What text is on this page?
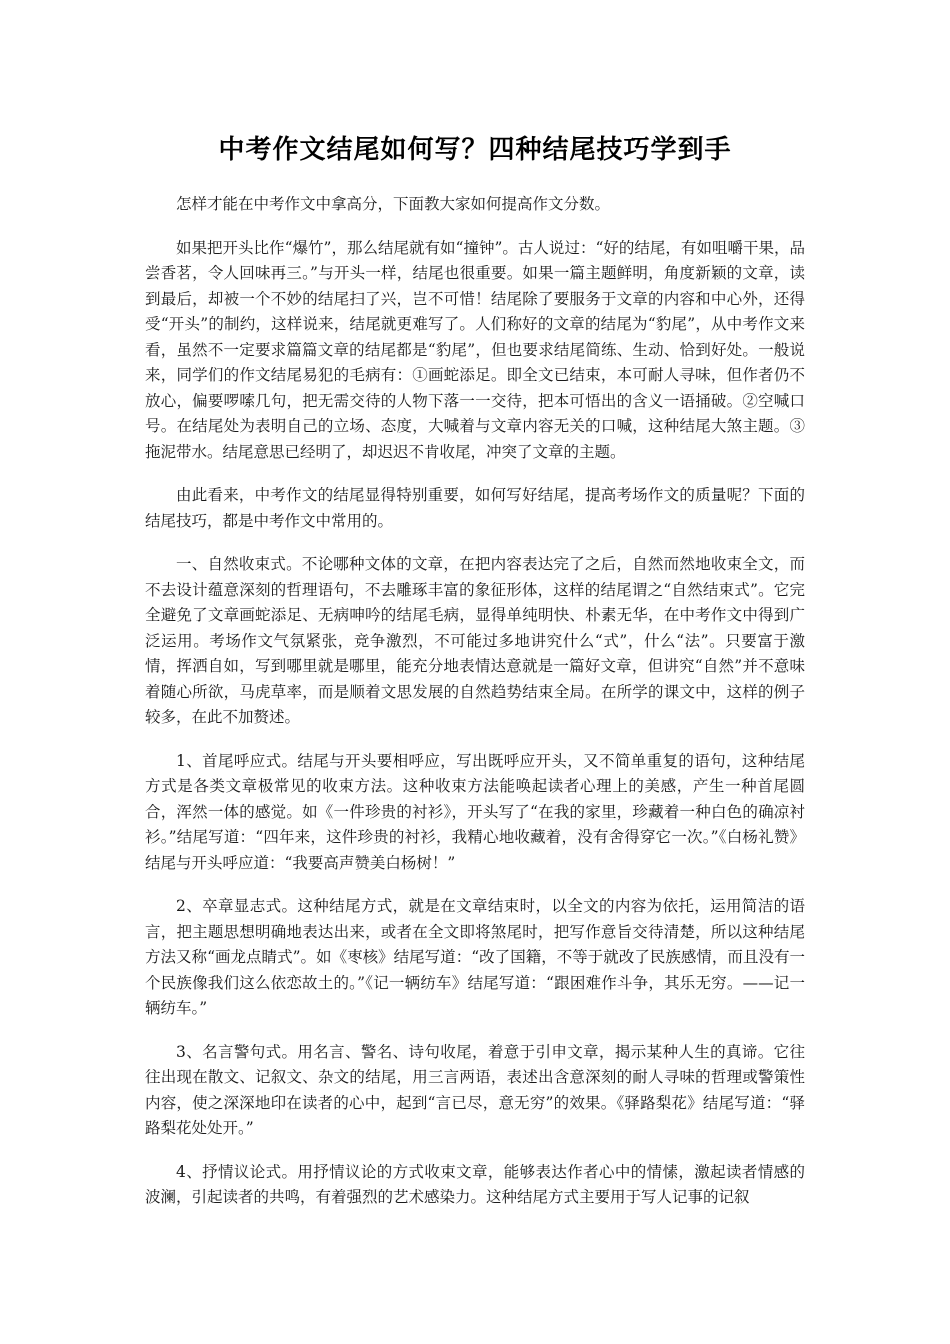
中考作文结尾如何写？四种结尾技巧学到手

怎样才能在中考作文中拿高分，下面教大家如何提高作文分数。

如果把开头比作“爆竹”，那么结尾就有如“撞钟”。古人说过：“好的结尾，有如咀嚼干果，品尝香茗，令人回味再三。”与开头一样，结尾也很重要。如果一篇主题鲜明，角度新颖的文章，读到最后，却被一个不妙的结尾扫了兴，岂不可惜！结尾除了要服务于文章的内容和中心外，还得受“开头”的制约，这样说来，结尾就更难写了。人们称好的文章的结尾为“豹尾”，从中考作文来看，虽然不一定要求篇篇文章的结尾都是“豹尾”，但也要求结尾简练、生动、恰到好处。一般说来，同学们的作文结尾易犯的毛病有：①画蛇添足。即全文已结束，本可耐人寻味，但作者仍不放心，偏要啰嗦几句，把无需交待的人物下落一一交待，把本可悟出的含义一语捅破。②空喊口号。在结尾处为表明自己的立场、态度，大喊着与文章内容无关的口喊，这种结尾大煞主题。③拖泥带水。结尾意思已经明了，却迟迟不肯收尾，冲突了文章的主题。

由此看来，中考作文的结尾显得特别重要，如何写好结尾，提高考场作文的质量呢？下面的结尾技巧，都是中考作文中常用的。

一、自然收束式。不论哪种文体的文章，在把内容表达完了之后，自然而然地收束全文，而不去设计蕴意深刻的哲理语句，不去雕琢丰富的象征形体，这样的结尾谓之“自然结束式”。它完全避免了文章画蛇添足、无病呻吟的结尾毛病，显得单纯明快、朴素无华，在中考作文中得到广泛运用。考场作文气氛紧张，竞争激烈，不可能过多地讲究什么“式”，什么“法”。只要富于激情，挥洒自如，写到哪里就是哪里，能充分地表情达意就是一篇好文章，但讲究“自然”并不意味着随心所欲，马虎草率，而是顺着文思发展的自然趋势结束全局。在所学的课文中，这样的例子较多，在此不加赘述。

1、首尾呼应式。结尾与开头要相呼应，写出既呼应开头，又不简单重复的语句，这种结尾方式是各类文章极常见的收束方法。这种收束方法能唤起读者心理上的美感，产生一种首尾圆合，浑然一体的感觉。如《一件珍贵的衬衫》，开头写了“在我的家里，珍藏着一种白色的确凉衬衫。”结尾写道：“四年来，这件珍贵的衬衫，我精心地收藏着，没有舍得穿它一次。”《白杨礼赞》结尾与开头呼应道：“我要高声赞美白杨树！”

2、卒章显志式。这种结尾方式，就是在文章结束时，以全文的内容为依托，运用简洁的语言，把主题思想明确地表达出来，或者在全文即将煞尾时，把写作意旨交待清楚，所以这种结尾方法又称“画龙点睛式”。如《枣核》结尾写道：“改了国籍，不等于就改了民族感情，而且没有一个民族像我们这么依恋故土的。”《记一辆纺车》结尾写道：“跟困难作斗争，其乐无穷。——记一辆纺车。”

3、名言警句式。用名言、警名、诗句收尾，着意于引申文章，揭示某种人生的真谛。它往往出现在散文、记叙文、杂文的结尾，用三言两语，表述出含意深刻的耐人寻味的哲理或警策性内容，使之深深地印在读者的心中，起到“言已尽，意无穷”的效果。《驿路梨花》结尾写道：“驿路梨花处处开。”

4、抒情议论式。用抒情议论的方式收束文章，能够表达作者心中的情愫，激起读者情感的波澜，引起读者的共鸣，有着强烈的艺术感染力。这种结尾方式主要用于写人记事的记叙
